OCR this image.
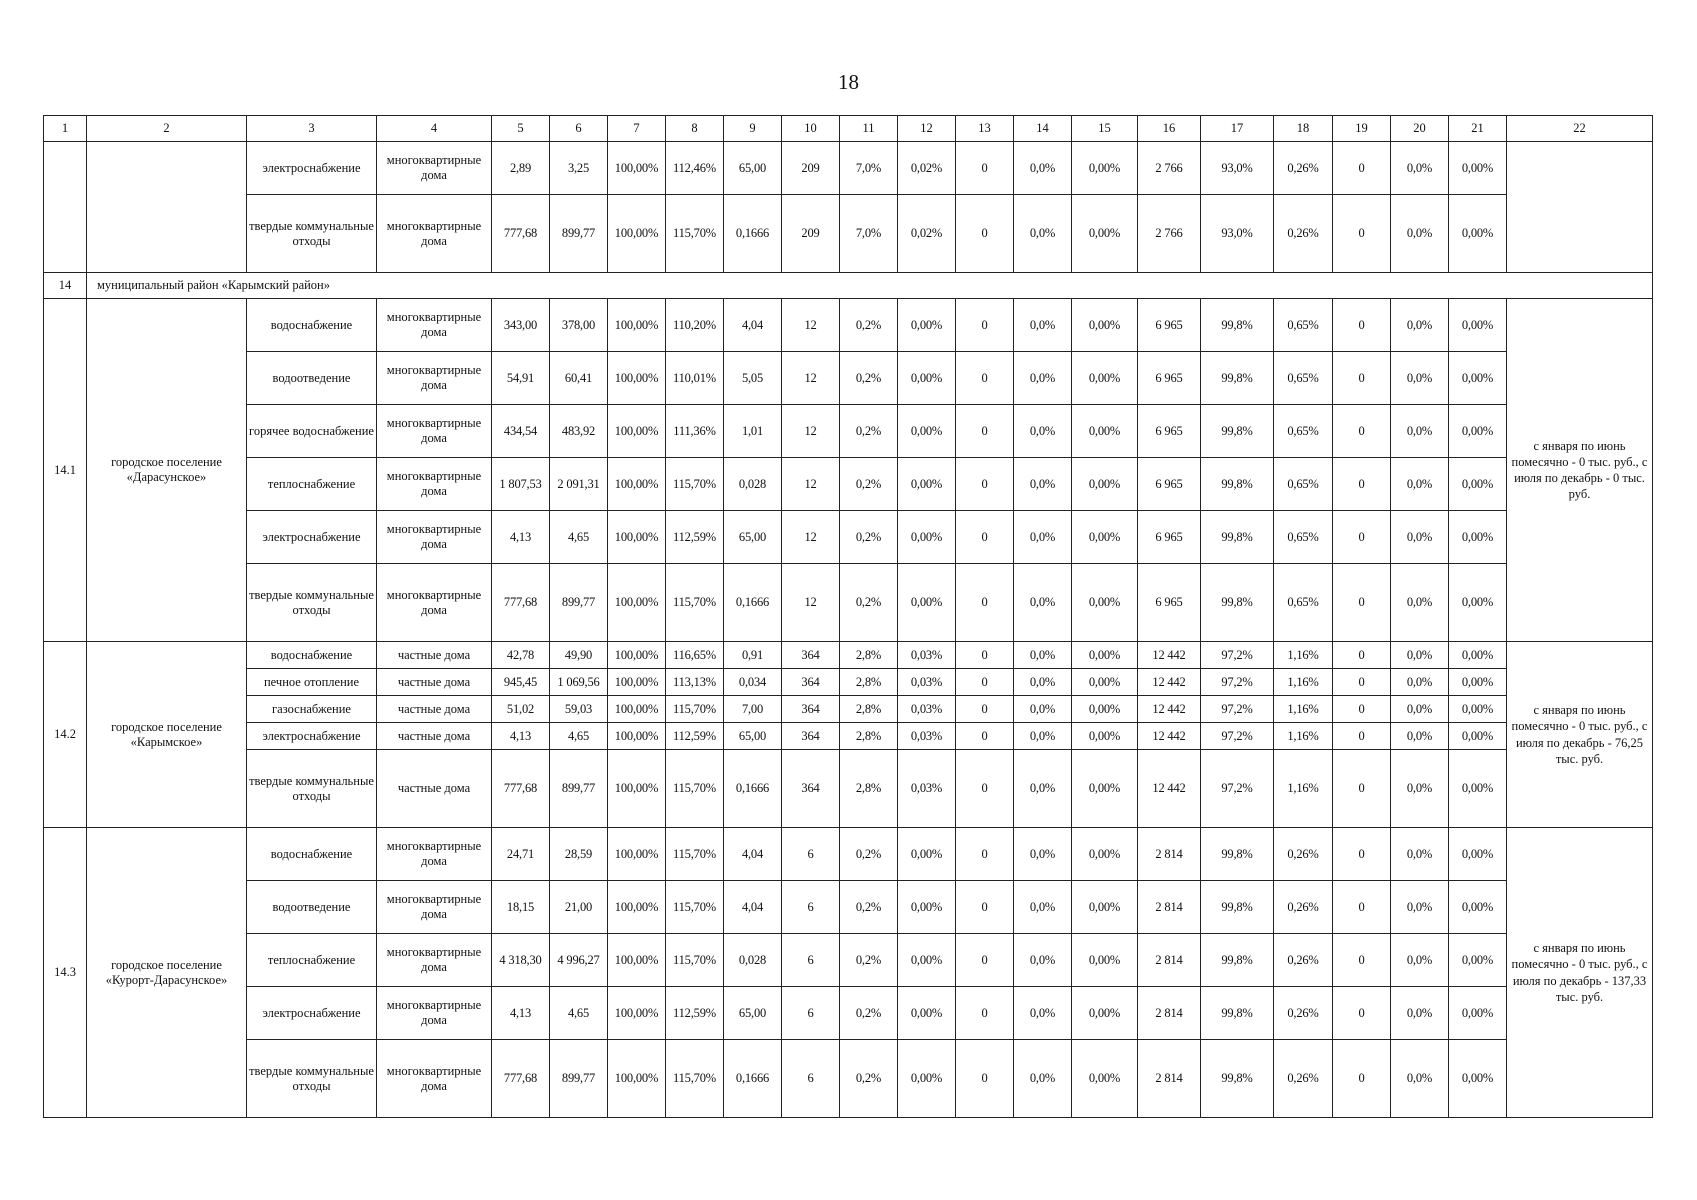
18
1	2	3	4	5	6	7	8	9	10	11	12	13	14	15	16	17	18	19	20	21	22
		электроснабжение	многоквартирные дома	2,89	3,25	100,00%	112,46%	65,00	209	7,0%	0,02%	0	0,0%	0,00%	2 766	93,0%	0,26%	0	0,0%	0,00%	
		твердые коммунальные отходы	многоквартирные дома	777,68	899,77	100,00%	115,70%	0,1666	209	7,0%	0,02%	0	0,0%	0,00%	2 766	93,0%	0,26%	0	0,0%	0,00%	
14	муниципальный район «Карымский район»																				
14.1	городское поселение «Дарасунское»	водоснабжение	многоквартирные дома	343,00	378,00	100,00%	110,20%	4,04	12	0,2%	0,00%	0	0,0%	0,00%	6 965	99,8%	0,65%	0	0,0%	0,00%	с января по июнь помесячно - 0 тыс. руб., с июля по декабрь - 0 тыс. руб.
		водоотведение	многоквартирные дома	54,91	60,41	100,00%	110,01%	5,05	12	0,2%	0,00%	0	0,0%	0,00%	6 965	99,8%	0,65%	0	0,0%	0,00%	
		горячее водоснабжение	многоквартирные дома	434,54	483,92	100,00%	111,36%	1,01	12	0,2%	0,00%	0	0,0%	0,00%	6 965	99,8%	0,65%	0	0,0%	0,00%	
		теплоснабжение	многоквартирные дома	1 807,53	2 091,31	100,00%	115,70%	0,028	12	0,2%	0,00%	0	0,0%	0,00%	6 965	99,8%	0,65%	0	0,0%	0,00%	
		электроснабжение	многоквартирные дома	4,13	4,65	100,00%	112,59%	65,00	12	0,2%	0,00%	0	0,0%	0,00%	6 965	99,8%	0,65%	0	0,0%	0,00%	
		твердые коммунальные отходы	многоквартирные дома	777,68	899,77	100,00%	115,70%	0,1666	12	0,2%	0,00%	0	0,0%	0,00%	6 965	99,8%	0,65%	0	0,0%	0,00%	
14.2	городское поселение «Карымское»	водоснабжение	частные дома	42,78	49,90	100,00%	116,65%	0,91	364	2,8%	0,03%	0	0,0%	0,00%	12 442	97,2%	1,16%	0	0,0%	0,00%	с января по июнь помесячно - 0 тыс. руб., с июля по декабрь - 76,25 тыс. руб.
		печное отопление	частные дома	945,45	1 069,56	100,00%	113,13%	0,034	364	2,8%	0,03%	0	0,0%	0,00%	12 442	97,2%	1,16%	0	0,0%	0,00%	
		газоснабжение	частные дома	51,02	59,03	100,00%	115,70%	7,00	364	2,8%	0,03%	0	0,0%	0,00%	12 442	97,2%	1,16%	0	0,0%	0,00%	
		электроснабжение	частные дома	4,13	4,65	100,00%	112,59%	65,00	364	2,8%	0,03%	0	0,0%	0,00%	12 442	97,2%	1,16%	0	0,0%	0,00%	
		твердые коммунальные отходы	частные дома	777,68	899,77	100,00%	115,70%	0,1666	364	2,8%	0,03%	0	0,0%	0,00%	12 442	97,2%	1,16%	0	0,0%	0,00%	
14.3	городское поселение «Курорт-Дарасунское»	водоснабжение	многоквартирные дома	24,71	28,59	100,00%	115,70%	4,04	6	0,2%	0,00%	0	0,0%	0,00%	2 814	99,8%	0,26%	0	0,0%	0,00%	с января по июнь помесячно - 0 тыс. руб., с июля по декабрь - 137,33 тыс. руб.
		водоотведение	многоквартирные дома	18,15	21,00	100,00%	115,70%	4,04	6	0,2%	0,00%	0	0,0%	0,00%	2 814	99,8%	0,26%	0	0,0%	0,00%	
		теплоснабжение	многоквартирные дома	4 318,30	4 996,27	100,00%	115,70%	0,028	6	0,2%	0,00%	0	0,0%	0,00%	2 814	99,8%	0,26%	0	0,0%	0,00%	
		электроснабжение	многоквартирные дома	4,13	4,65	100,00%	112,59%	65,00	6	0,2%	0,00%	0	0,0%	0,00%	2 814	99,8%	0,26%	0	0,0%	0,00%	
		твердые коммунальные отходы	многоквартирные дома	777,68	899,77	100,00%	115,70%	0,1666	6	0,2%	0,00%	0	0,0%	0,00%	2 814	99,8%	0,26%	0	0,0%	0,00%	
